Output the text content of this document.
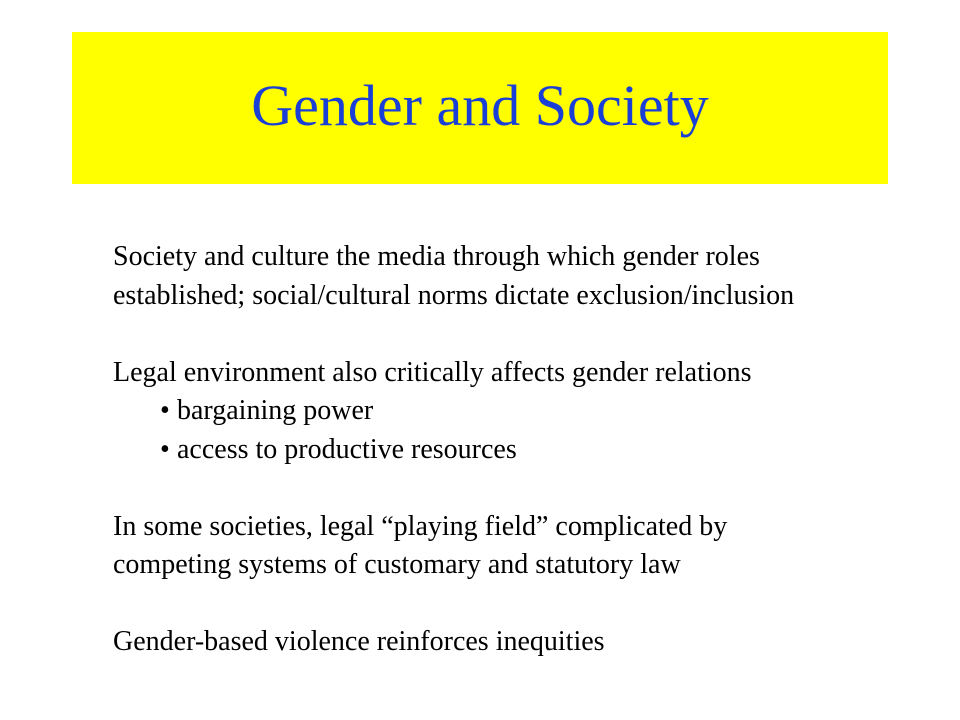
Gender and Society
Society and culture the media through which gender roles
established; social/cultural norms dictate exclusion/inclusion
Legal environment also critically affects gender relations
• bargaining power
• access to productive resources
In some societies, legal “playing field” complicated by
competing systems of customary and statutory law
Gender-based violence reinforces inequities
